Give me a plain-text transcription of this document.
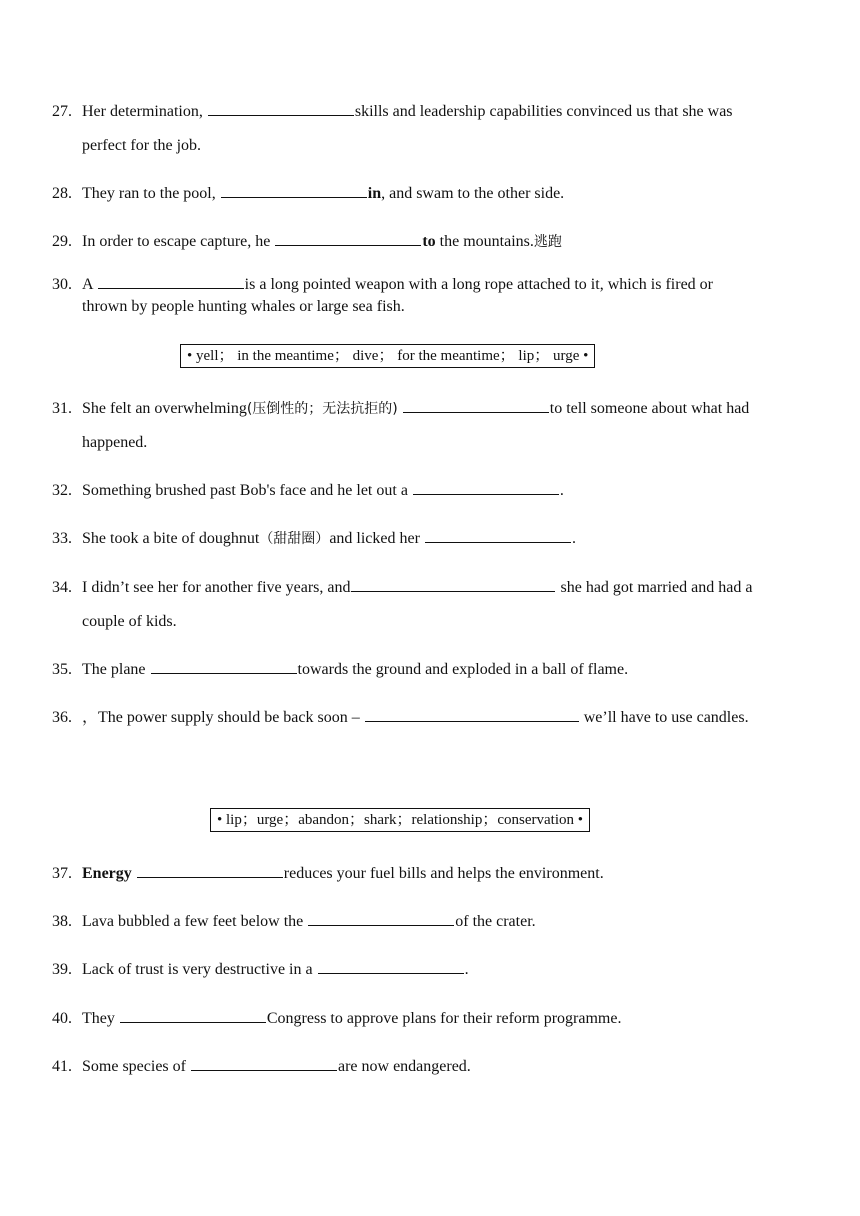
27. Her determination,	skills and leadership capabilities convinced us that she was
perfect for the job.
28. They ran to the pool,	in, and swam to the other side.
29. In order to escape capture, he	to the mountains.逃跑
30. A	is a long pointed weapon with a long rope attached to it, which is fired or
thrown by people hunting whales or large sea fish.
• yell； in the meantime； dive； for the meantime； lip； urge •
31. She felt an overwhelming(压倒性的；无法抗拒的)	to tell someone about what had
happened.
32. Something brushed past Bob's face and he let out a	.
33. She took a bite of doughnut（甜甜圈）and licked her	.
34. I didn’t see her for another five years, and	she had got married and had a
couple of kids.
35. The plane	towards the ground and exploded in a ball of flame.
36. ，The power supply should be back soon –	we’ll have to use candles.
• lip；urge；abandon；shark；relationship；conservation •
37. Energy	reduces your fuel bills and helps the environment.
38. Lava bubbled a few feet below the	of the crater.
39. Lack of trust is very destructive in a	.
40. They	Congress to approve plans for their reform programme.
41. Some species of	are now endangered.
